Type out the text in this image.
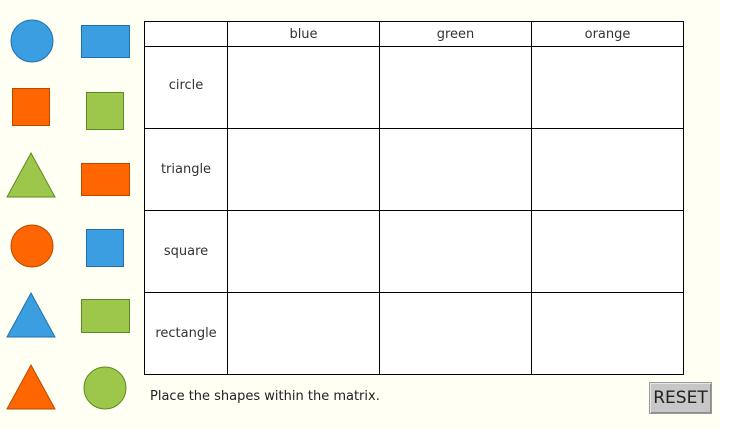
	blue	green	orange
circle			
triangle			
square			
rectangle			
Place the shapes within the matrix.	RESET
